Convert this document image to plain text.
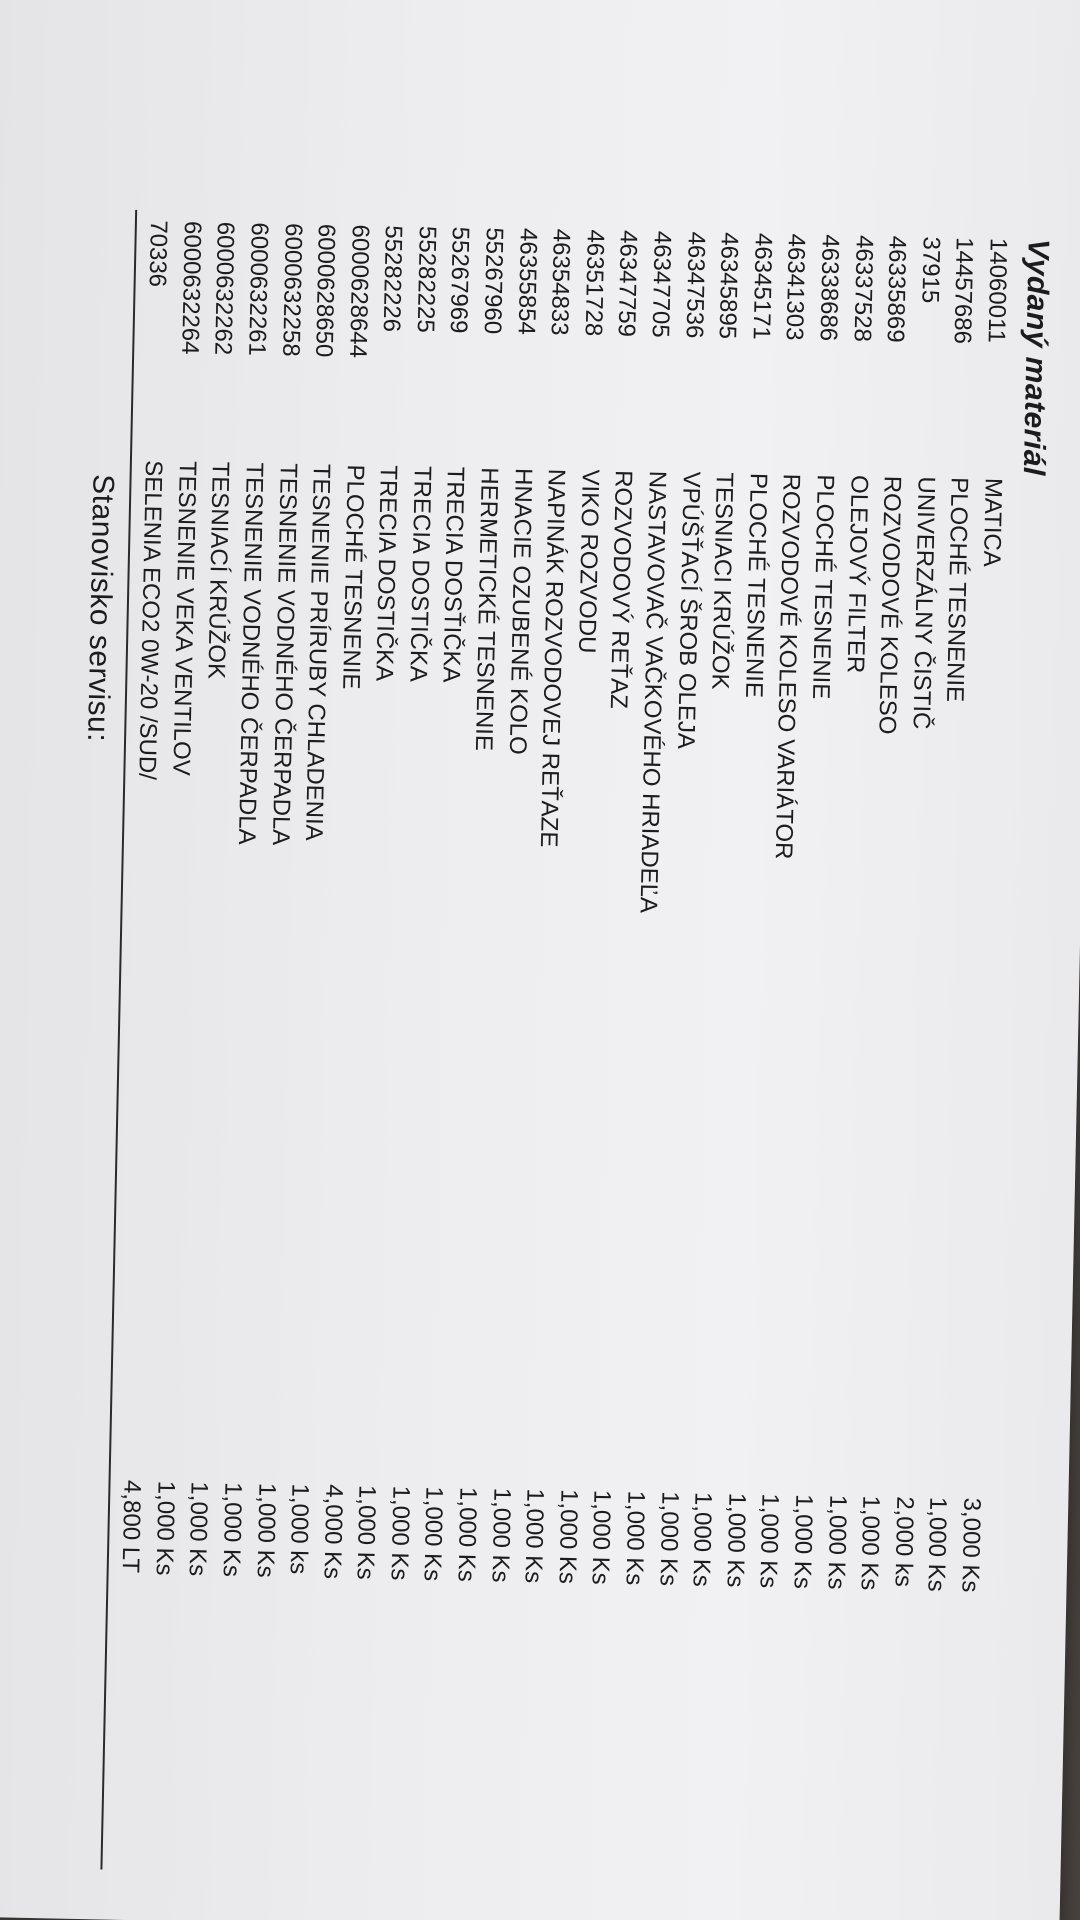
Vydaný materiál
14060011
MATICA
3,000 Ks
14457686
PLOCHÉ TESNENIE
1,000 Ks
37915
UNIVERZÁLNY ČISTIČ
2,000 ks
46335869
ROZVODOVÉ KOLESO
1,000 Ks
46337528
OLEJOVÝ FILTER
1,000 Ks
46338686
PLOCHÉ TESNENIE
1,000 Ks
46341303
ROZVODOVÉ KOLESO VARIÁTOR
1,000 Ks
46345171
PLOCHÉ TESNENIE
1,000 Ks
46345895
TESNIACI KRÚŽOK
1,000 Ks
46347536
VPÚŠŤACÍ ŠROB OLEJA
1,000 Ks
46347705
NASTAVOVAČ VAČKOVÉHO HRIADEĽA
1,000 Ks
46347759
ROZVODOVÝ REŤAZ
1,000 Ks
46351728
VIKO ROZVODU
1,000 Ks
46354833
NAPINÁK ROZVODOVEJ REŤAZE
1,000 Ks
46355854
HNACIE OZUBENÉ KOLO
1,000 Ks
55267960
HERMETICKÉ TESNENIE
1,000 Ks
55267969
TRECIA DOSŤIČKA
1,000 Ks
55282225
TRECIA DOSTIČKA
1,000 Ks
55282226
TRECIA DOSTIČKA
1,000 Ks
6000628644
PLOCHÉ TESNENIE
4,000 Ks
6000628650
TESNENIE PRÍRUBY CHLADENIA
1,000 ks
6000632258
TESNENIE VODNÉHO ČERPADLA
1,000 Ks
6000632261
TESNENIE VODNÉHO ČERPADLA
1,000 Ks
6000632262
TESNIACÍ KRÚŽOK
1,000 Ks
6000632264
TESNENIE VEKA VENTILOV
1,000 Ks
70336
SELENIA ECO2 0W-20 /SUD/
4,800 LT
Stanovisko servisu:
